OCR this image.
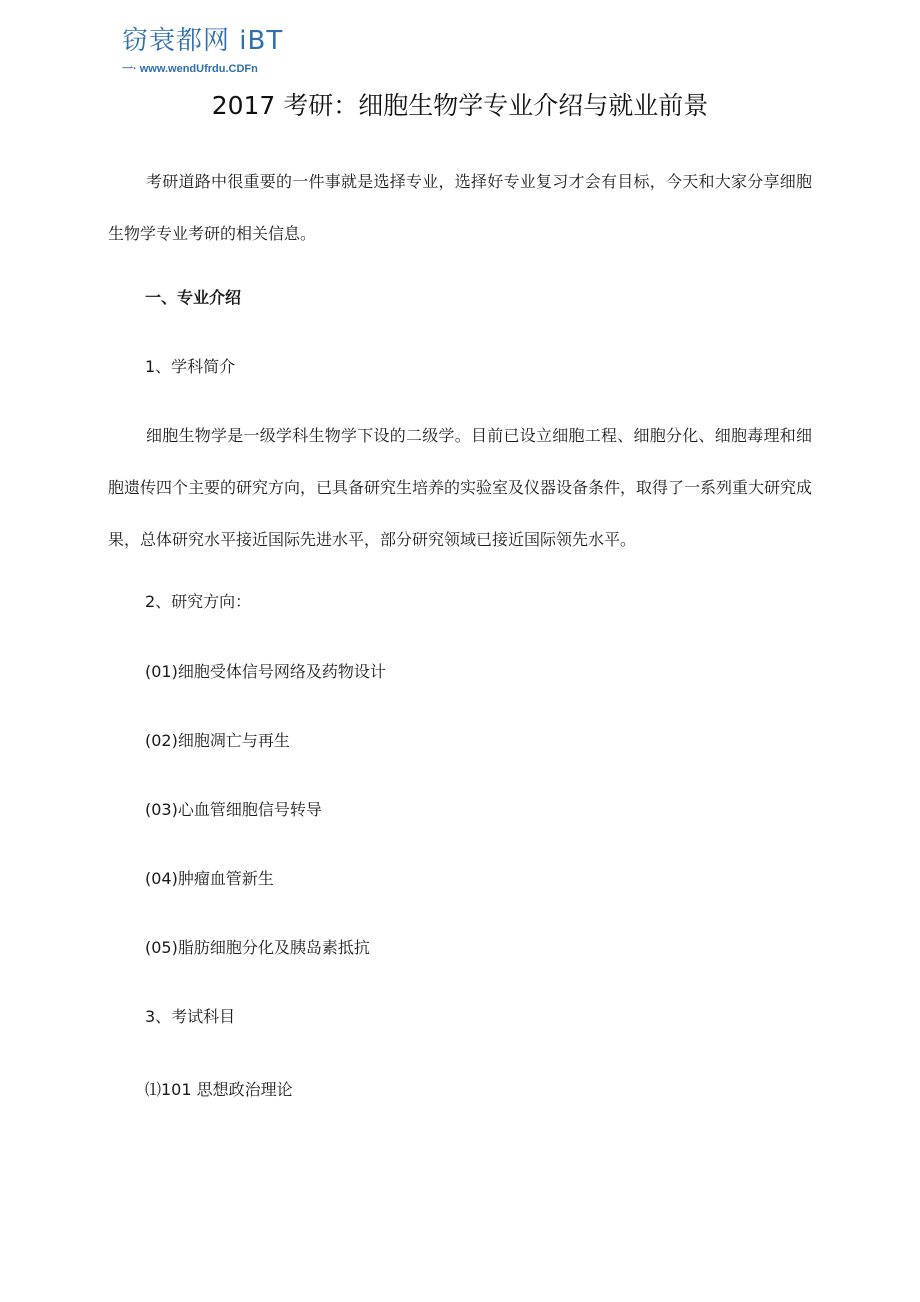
窃衰都网 iBT
一· www.wendUfrdu.CDFn
2017 考研：细胞生物学专业介绍与就业前景
考研道路中很重要的一件事就是选择专业，选择好专业复习才会有目标，今天和大家分享细胞生物学专业考研的相关信息。
一、专业介绍
1、学科简介
细胞生物学是一级学科生物学下设的二级学。目前已设立细胞工程、细胞分化、细胞毒理和细胞遗传四个主要的研究方向，已具备研究生培养的实验室及仪器设备条件，取得了一系列重大研究成果，总体研究水平接近国际先进水平，部分研究领域已接近国际领先水平。
2、研究方向：
(01)细胞受体信号网络及药物设计
(02)细胞凋亡与再生
(03)心血管细胞信号转导
(04)肿瘤血管新生
(05)脂肪细胞分化及胰岛素抵抗
3、考试科目
⑴101 思想政治理论
